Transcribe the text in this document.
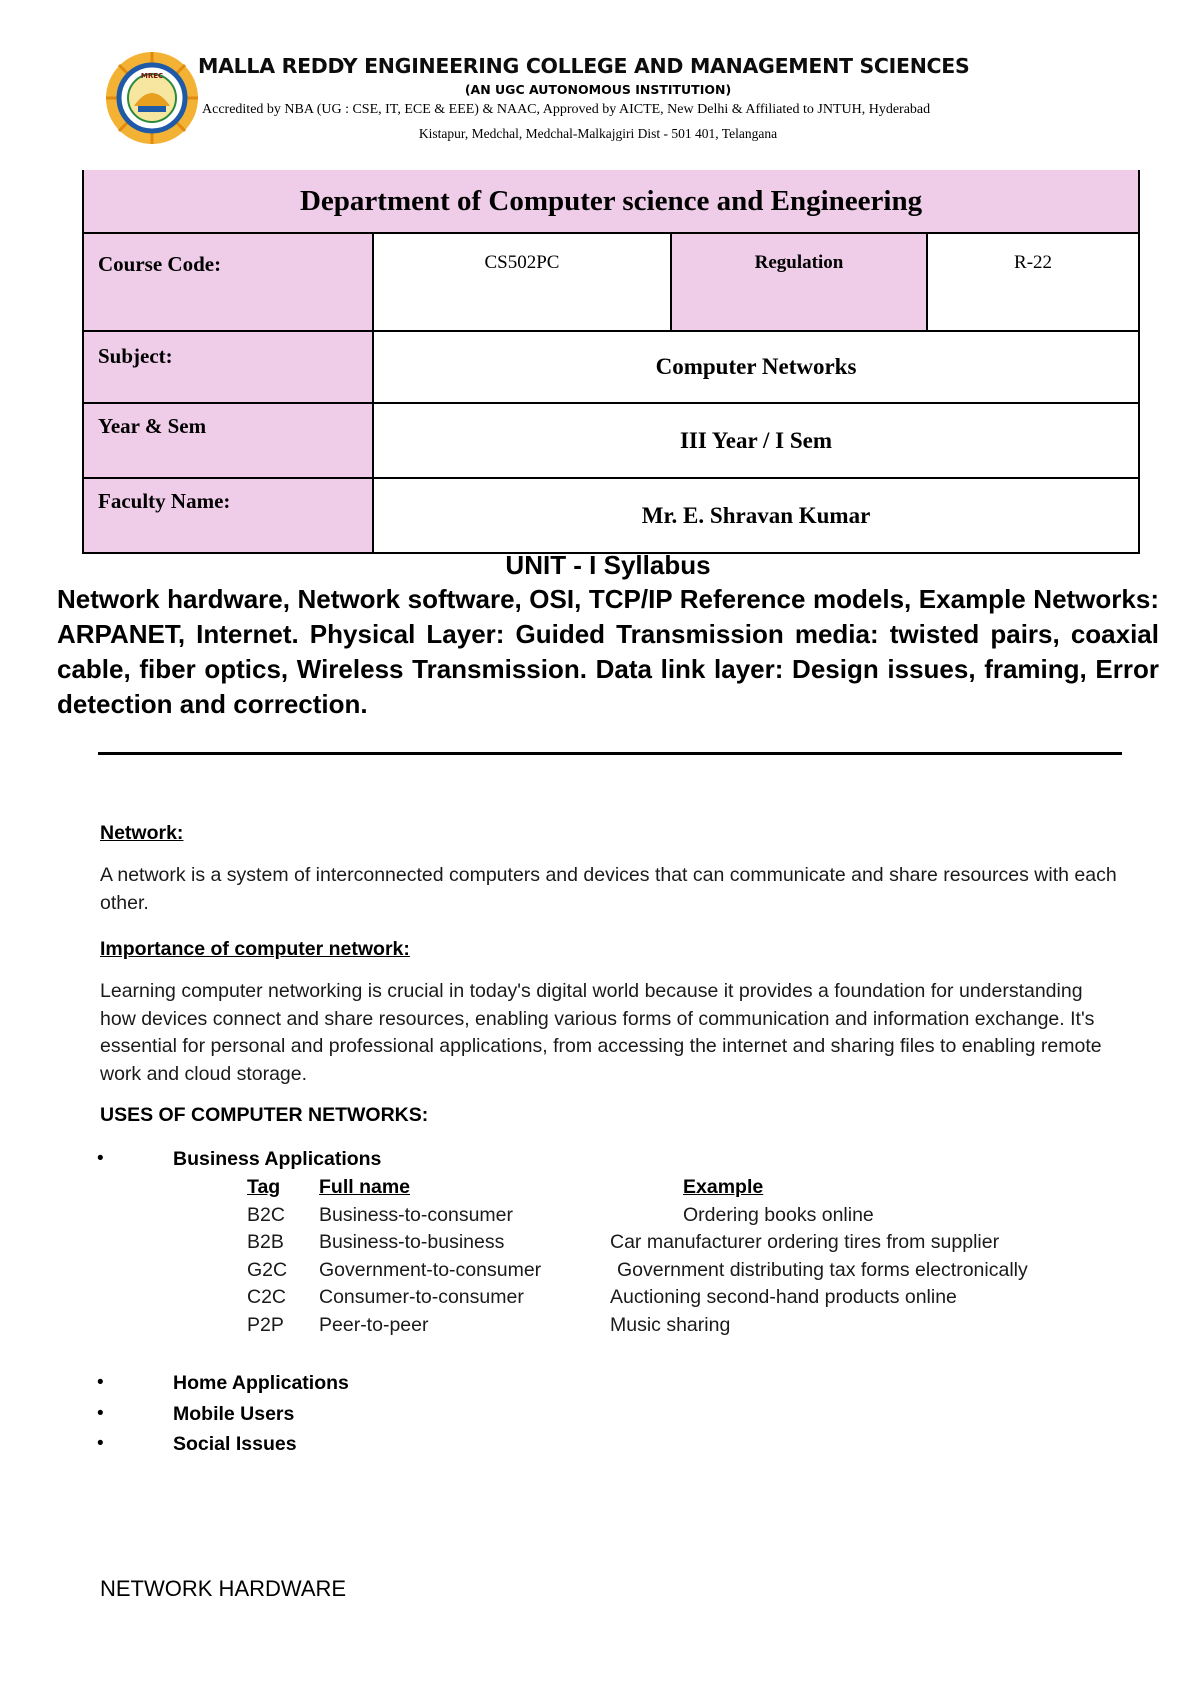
MREC MALLA REDDY ENGINEERING COLLEGE AND MANAGEMENT SCIENCES
(AN UGC AUTONOMOUS INSTITUTION)
Accredited by NBA (UG : CSE, IT, ECE & EEE) & NAAC, Approved by AICTE, New Delhi & Affiliated to JNTUH, Hyderabad
Kistapur, Medchal, Medchal-Malkajgiri Dist - 501 401, Telangana
Department of Computer science and Engineering			
Course Code:	CS502PC	Regulation	R-22
Subject:	Computer Networks		
Year & Sem	III Year / I Sem		
Faculty Name:	Mr. E. Shravan Kumar		
UNIT - I Syllabus
Network hardware, Network software, OSI, TCP/IP Reference models, Example Networks: ARPANET, Internet. Physical Layer: Guided Transmission media: twisted pairs, coaxial cable, fiber optics, Wireless Transmission. Data link layer: Design issues, framing, Error detection and correction.
Network:
A network is a system of interconnected computers and devices that can communicate and share resources with each other.
Importance of computer network:
Learning computer networking is crucial in today's digital world because it provides a foundation for understanding how devices connect and share resources, enabling various forms of communication and information exchange. It's essential for personal and professional applications, from accessing the internet and sharing files to enabling remote work and cloud storage.
USES OF COMPUTER NETWORKS:
•	Business Applications
Tag Full name	Example
B2C Business-to-consumer	Ordering books online
B2B Business-to-business	Car manufacturer ordering tires from supplier
G2C Government-to-consumer	Government distributing tax forms electronically
C2C Consumer-to-consumer	Auctioning second-hand products online
P2P Peer-to-peer	Music sharing
•	Home Applications
•	Mobile Users
•	Social Issues
NETWORK HARDWARE
